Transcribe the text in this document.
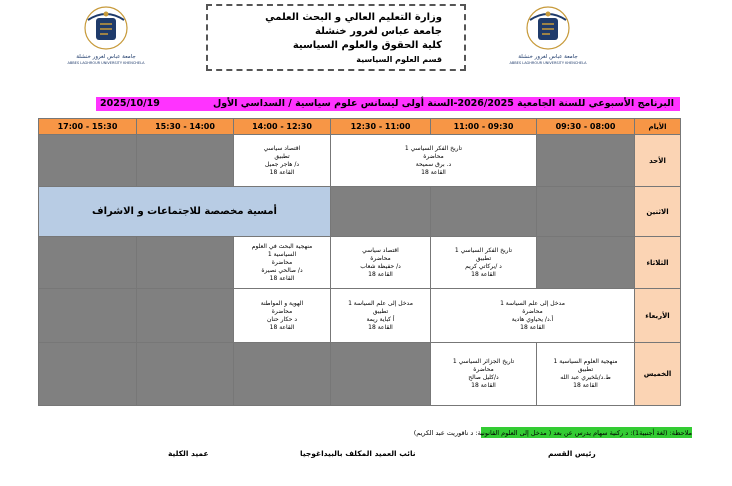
جامعة عباس لغرور خنشلة
ABBES LAGHROUR UNIVERSITY KHENCHELA
جامعة عباس لغرور خنشلة
ABBES LAGHROUR UNIVERSITY KHENCHELA
وزارة التعليم العالي و البحث العلمي
جامعة عباس لغرور خنشلة
كلية الحقوق والعلوم السياسية
قسم العلوم السياسية
البرنامج الأسبوعي للسنة الجامعية 2026/2025-السنة أولى ليسانس علوم سياسية / السداسي الأول
2025/10/19
17:00 - 15:30	15:30 - 14:00	14:00 - 12:30	12:30 - 11:00	11:00 - 09:30	09:30 - 08:00	الأيام

		اقتصاد سياسي
تطبيق
د/ هاجر جميل
القاعة 18	تاريخ الفكر السياسي 1
محاضرة
د. برق سميحة
القاعة 18			الأحد
أمسية مخصصة للاجتماعات و الاشراف						الاثنين

		منهجية البحث في العلوم
السياسية 1
محاضرة
د/ صالحي نصيرة
القاعة 18	اقتصاد سياسي
محاضرة
د/ حفيظة شعاب
القاعة 18	تاريخ الفكر السياسي 1
تطبيق
د /بركاتي كريم
القاعة 18		الثلاثاء

		الهوية و المواطنة
محاضرة
د حكار حنان
القاعة 18	مدخل إلى علم السياسة 1
تطبيق
أ كباية ريمة
القاعة 18	مدخل إلى علم السياسة 1
محاضرة
أ.د/ يحياوي هادية
القاعة 18		الأربعاء

				تاريخ الجزائر السياسي 1
محاضرة
د/كليل صالح
القاعة 18	منهجية العلوم السياسية 1
تطبيق
ط.د/بلخيري عبد الله
القاعة 18	الخميس
ملاحظة: (لغة أجنبية1): د ركنية سهام يدرس عن بعد ( مدخل إلى العلوم القانونية: د ناقوريت عبد الكريم)
رئيس القسم
نائب العميد المكلف بالبيداغوجيا
عميد الكلية
